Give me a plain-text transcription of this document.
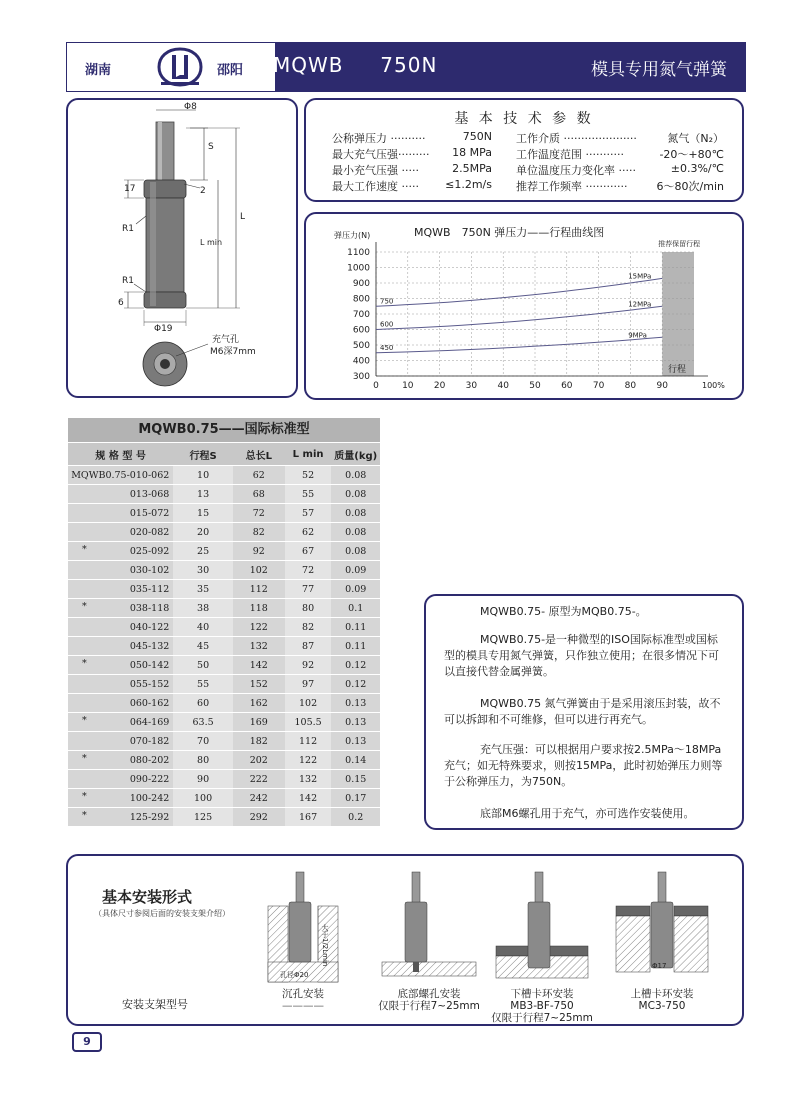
湖南	邵阳 MQWB 750N	模具专用氮气弹簧
Φ8
S
17	2
R1
L
L min
R1
6
Φ19
充气孔
M6深7mm
基 本 技 术 参 数
公称弹压力 ··········	750N
最大充气压强········· 18 MPa
最小充气压强 ·····	2.5MPa
最大工作速度 ····· ≤1.2m/s
工作介质 ·····················	氮气（N₂）
工作温度范围 ···········	-20～+80℃
单位温度压力变化率 ·····	±0.3%/℃
推荐工作频率 ············	6～80次/min
推荐保留行程
300
400
500
600
700
800
900
1000
1100
0	10 20 30 40 50 60 70 80 90	100%
弹压力(N)	MQWB　750N 弹压力——行程曲线图
行程
750
15MPa
600
12MPa
450
9MPa
MQWB0.75——国际标准型
规 格 型 号	行程S	总长L	L min	质量(kg)

MQWB0.75-010-062	10	62	52	0.08

013-068	13	68	55	0.08

015-072	15	72	57	0.08

020-082	20	82	62	0.08

* 025-092	25	92	67	0.08

030-102	30	102	72	0.09

035-112	35	112	77	0.09

* 038-118	38	118	80	0.1

040-122	40	122	82	0.11

045-132	45	132	87	0.11

* 050-142	50	142	92	0.12

055-152	55	152	97	0.12

060-162	60	162	102	0.13

* 064-169	63.5	169	105.5	0.13

070-182	70	182	112	0.13

* 080-202	80	202	122	0.14

090-222	90	222	132	0.15

* 100-242	100	242	142	0.17

* 125-292	125	292	167	0.2
MQWB0.75- 原型为MQB0.75-。
MQWB0.75-是一种微型的ISO国际标准型或国标型的模具专用氮气弹簧，只作独立使用；在很多情况下可以直接代替金属弹簧。
MQWB0.75 氮气弹簧由于是采用滚压封装，故不可以拆卸和不可维修，但可以进行再充气。
充气压强：可以根据用户要求按2.5MPa～18MPa充气；如无特殊要求，则按15MPa，此时初始弹压力则等于公称弹压力，为750N。
底部M6螺孔用于充气，亦可选作安装使用。
基本安装形式
（具体尺寸参阅后面的安装支架介绍）
安装支架型号
大于1/2Lmin
孔径Φ20
Φ17
沉孔安装
————
底部螺孔安装
仅限于行程7~25mm
下槽卡环安装
MB3-BF-750
仅限于行程7~25mm
上槽卡环安装
MC3-750
9
